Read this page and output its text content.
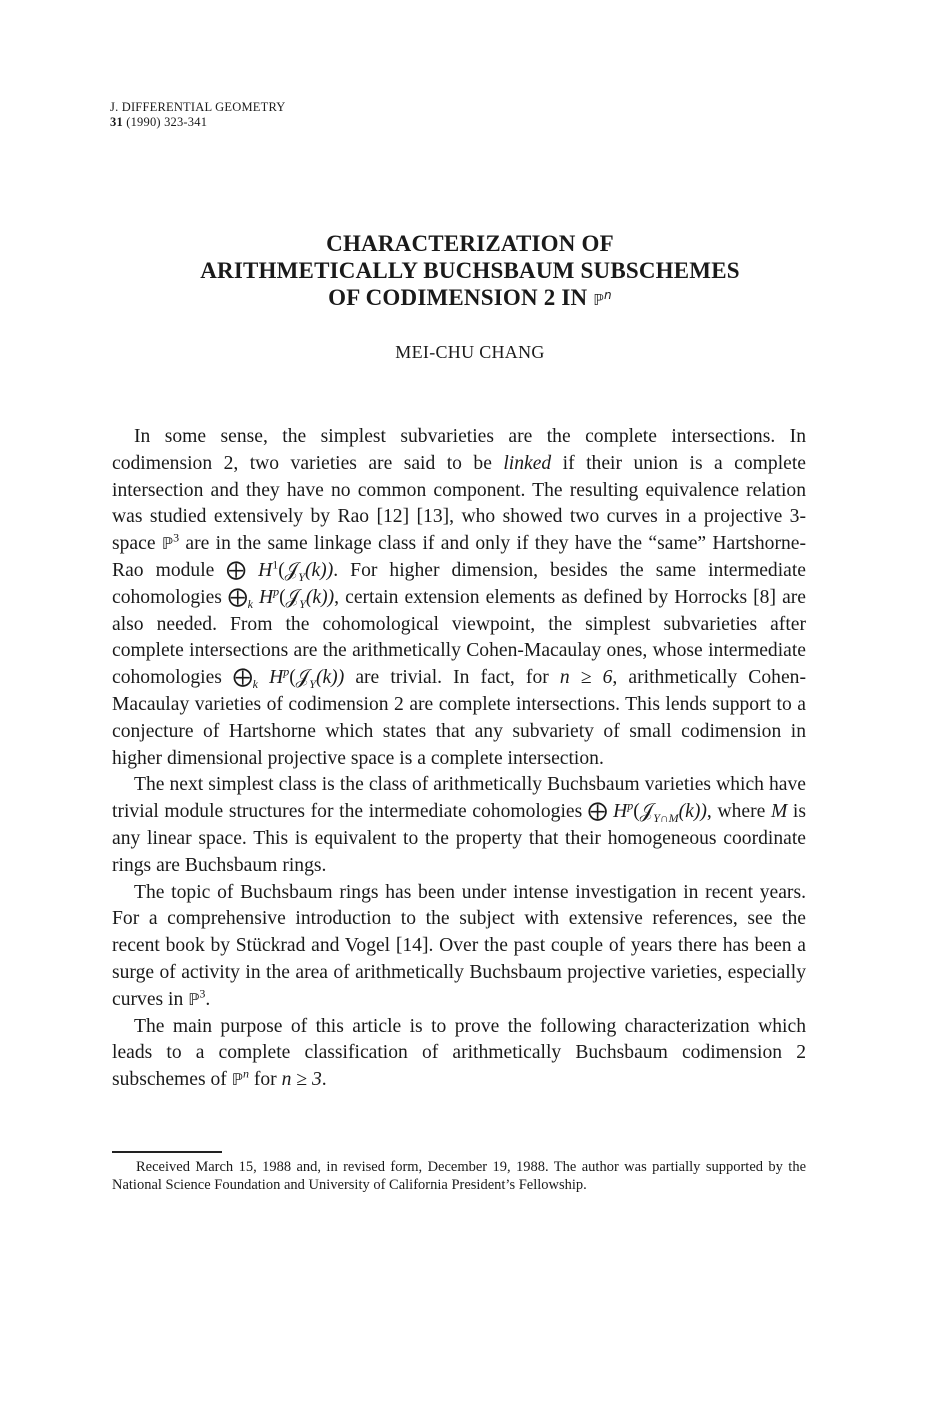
J. DIFFERENTIAL GEOMETRY
31 (1990) 323-341
CHARACTERIZATION OF
ARITHMETICALLY BUCHSBAUM SUBSCHEMES
OF CODIMENSION 2 IN ℙ$^n$
MEI-CHU CHANG

In some sense, the simplest subvarieties are the complete intersections. In codimension 2, two varieties are said to be linked if their union is a complete intersection and they have no common component. The resulting equivalence relation was studied extensively by Rao [12] [13], who showed two curves in a projective 3-space ℙ$^3$ are in the same linkage class if and only if they have the “same” Hartshorne-Rao module ⨁ $H^1(𝒥_Y(k))$. For higher dimension, besides the same intermediate cohomologies $⨁_k$ $H^p(𝒥_Y(k))$, certain extension elements as defined by Horrocks [8] are also needed. From the cohomological viewpoint, the simplest subvarieties after complete intersections are the arithmetically Cohen-Macaulay ones, whose intermediate cohomologies $⨁_k$ $H^p(𝒥_Y(k))$ are trivial. In fact, for n ≥ 6, arithmetically Cohen-Macaulay varieties of codimension 2 are complete intersections. This lends support to a conjecture of Hartshorne which states that any subvariety of small codimension in higher dimensional projective space is a complete intersection.

The next simplest class is the class of arithmetically Buchsbaum varieties which have trivial module structures for the intermediate cohomologies ⨁ $H^p(𝒥_{Y\cap M}(k))$, where M is any linear space. This is equivalent to the property that their homogeneous coordinate rings are Buchsbaum rings.

The topic of Buchsbaum rings has been under intense investigation in recent years. For a comprehensive introduction to the subject with extensive references, see the recent book by Stückrad and Vogel [14]. Over the past couple of years there has been a surge of activity in the area of arithmetically Buchsbaum projective varieties, especially curves in ℙ$^3$.

The main purpose of this article is to prove the following characterization which leads to a complete classification of arithmetically Buchsbaum codimension 2 subschemes of ℙ$^n$ for n ≥ 3.

Received March 15, 1988 and, in revised form, December 19, 1988. The author was partially supported by the National Science Foundation and University of California President’s Fellowship.
